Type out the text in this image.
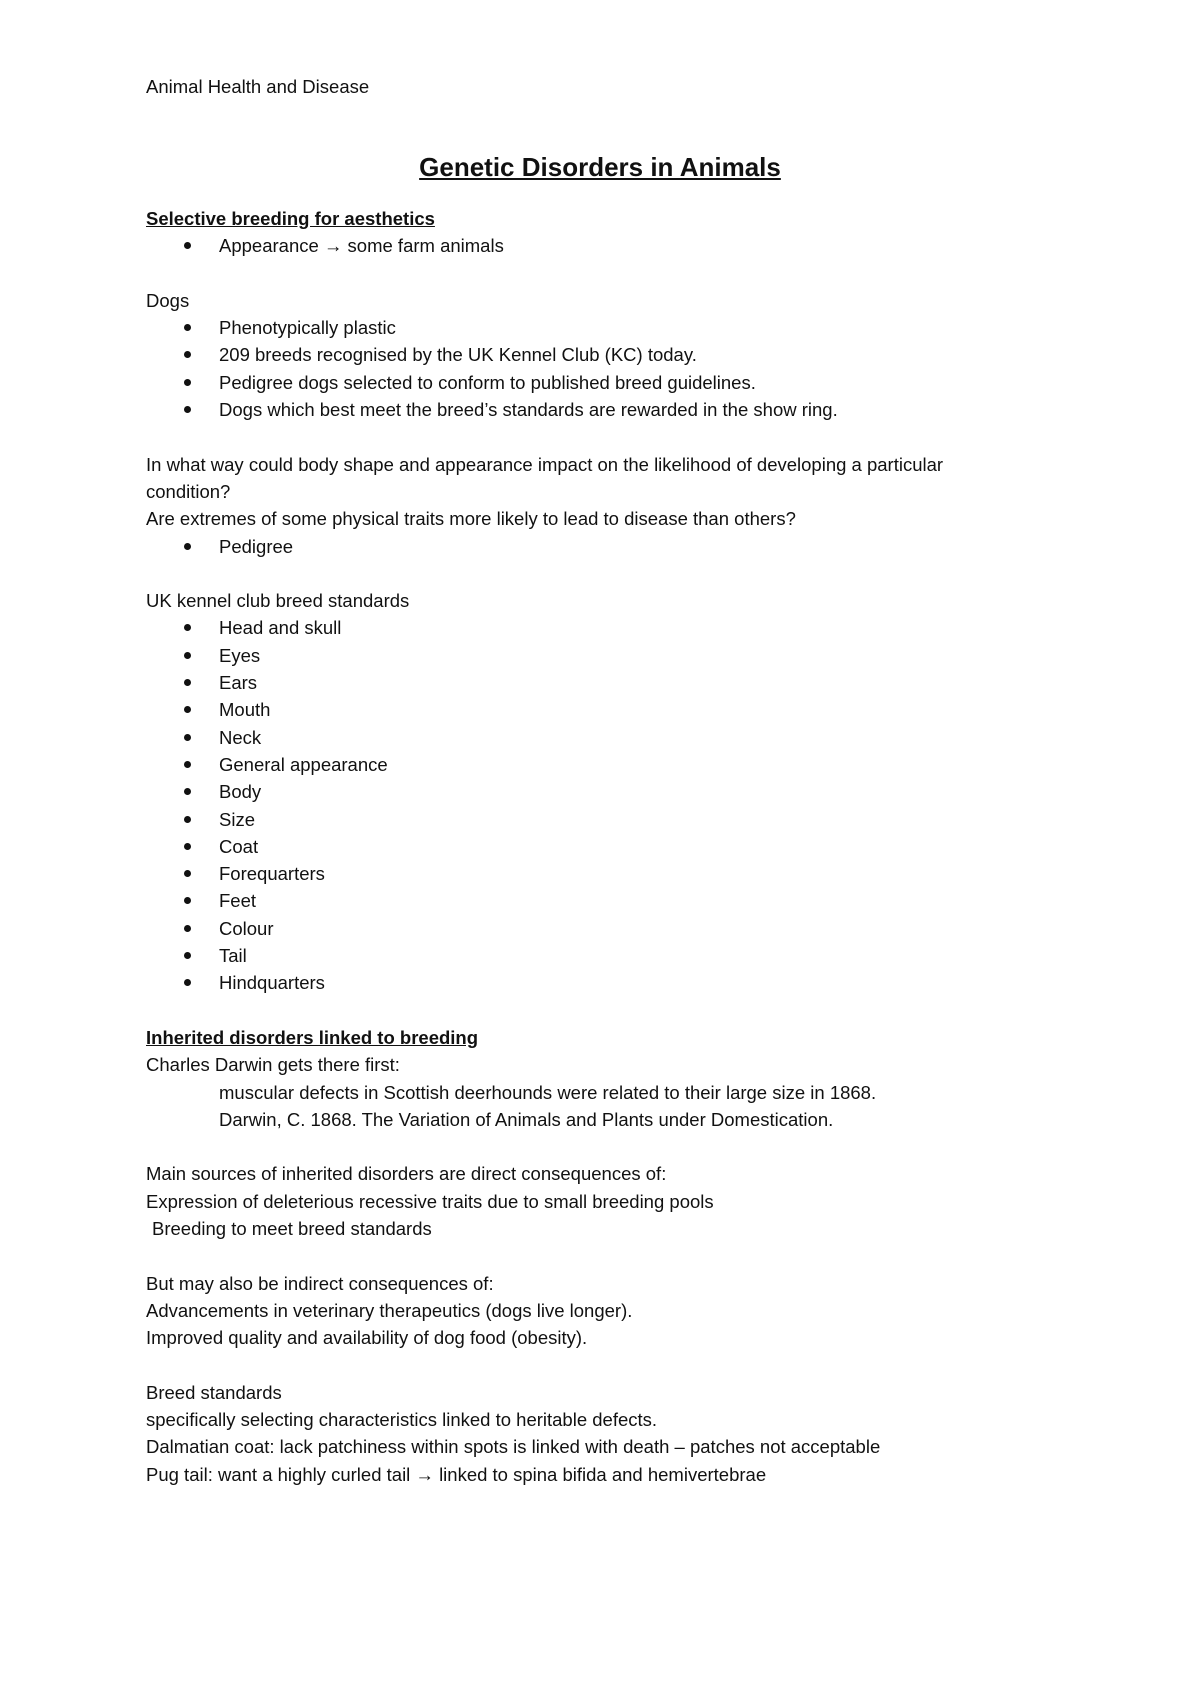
Animal Health and Disease
Genetic Disorders in Animals
Selective breeding for aesthetics
Appearance → some farm animals
Dogs
Phenotypically plastic
209 breeds recognised by the UK Kennel Club (KC) today.
Pedigree dogs selected to conform to published breed guidelines.
Dogs which best meet the breed’s standards are rewarded in the show ring.
In what way could body shape and appearance impact on the likelihood of developing a particular
condition?
Are extremes of some physical traits more likely to lead to disease than others?
Pedigree
UK kennel club breed standards
Head and skull
Eyes
Ears
Mouth
Neck
General appearance
Body
Size
Coat
Forequarters
Feet
Colour
Tail
Hindquarters
Inherited disorders linked to breeding
Charles Darwin gets there first:
muscular defects in Scottish deerhounds were related to their large size in 1868.
Darwin, C. 1868. The Variation of Animals and Plants under Domestication.
Main sources of inherited disorders are direct consequences of:
Expression of deleterious recessive traits due to small breeding pools
Breeding to meet breed standards
But may also be indirect consequences of:
Advancements in veterinary therapeutics (dogs live longer).
Improved quality and availability of dog food (obesity).
Breed standards
specifically selecting characteristics linked to heritable defects.
Dalmatian coat: lack patchiness within spots is linked with death – patches not acceptable
Pug tail: want a highly curled tail → linked to spina bifida and hemivertebrae
